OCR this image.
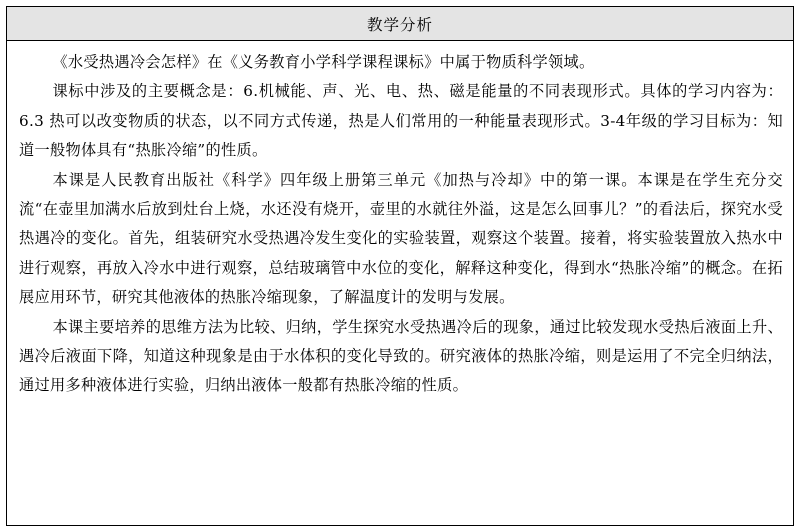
教学分析

《水受热遇冷会怎样》在《义务教育小学科学课程课标》中属于物质科学领域。

课标中涉及的主要概念是：6.机械能、声、光、电、热、磁是能量的不同表现形式。具体的学习内容为：6.3 热可以改变物质的状态，以不同方式传递，热是人们常用的一种能量表现形式。3-4年级的学习目标为：知道一般物体具有“热胀冷缩”的性质。

本课是人民教育出版社《科学》四年级上册第三单元《加热与冷却》中的第一课。本课是在学生充分交流“在壶里加满水后放到灶台上烧，水还没有烧开，壶里的水就往外溢，这是怎么回事儿？”的看法后，探究水受热遇冷的变化。首先，组装研究水受热遇冷发生变化的实验装置，观察这个装置。接着，将实验装置放入热水中进行观察，再放入冷水中进行观察，总结玻璃管中水位的变化，解释这种变化，得到水“热胀冷缩”的概念。在拓展应用环节，研究其他液体的热胀冷缩现象，了解温度计的发明与发展。

本课主要培养的思维方法为比较、归纳，学生探究水受热遇冷后的现象，通过比较发现水受热后液面上升、遇冷后液面下降，知道这种现象是由于水体积的变化导致的。研究液体的热胀冷缩，则是运用了不完全归纳法，通过用多种液体进行实验，归纳出液体一般都有热胀冷缩的性质。
